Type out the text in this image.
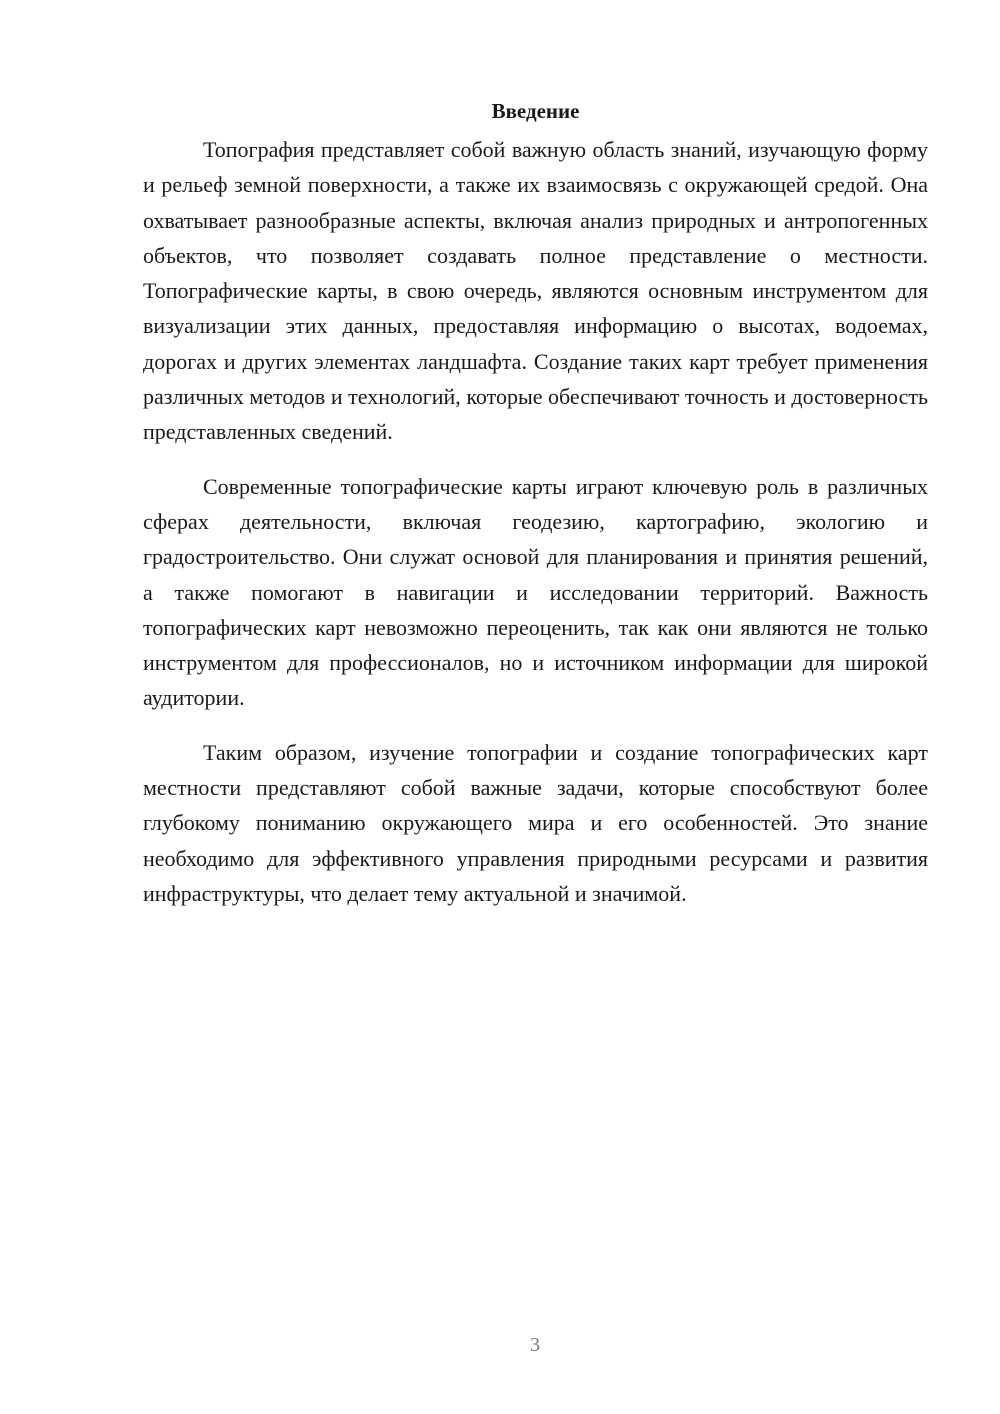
Введение

Топография представляет собой важную область знаний, изучающую форму и рельеф земной поверхности, а также их взаимосвязь с окружающей средой. Она охватывает разнообразные аспекты, включая анализ природных и антропогенных объектов, что позволяет создавать полное представление о местности. Топографические карты, в свою очередь, являются основным инструментом для визуализации этих данных, предоставляя информацию о высотах, водоемах, дорогах и других элементах ландшафта. Создание таких карт требует применения различных методов и технологий, которые обеспечивают точность и достоверность представленных сведений.

Современные топографические карты играют ключевую роль в различных сферах деятельности, включая геодезию, картографию, экологию и градостроительство. Они служат основой для планирования и принятия решений, а также помогают в навигации и исследовании территорий. Важность топографических карт невозможно переоценить, так как они являются не только инструментом для профессионалов, но и источником информации для широкой аудитории.

Таким образом, изучение топографии и создание топографических карт местности представляют собой важные задачи, которые способствуют более глубокому пониманию окружающего мира и его особенностей. Это знание необходимо для эффективного управления природными ресурсами и развития инфраструктуры, что делает тему актуальной и значимой.

3
